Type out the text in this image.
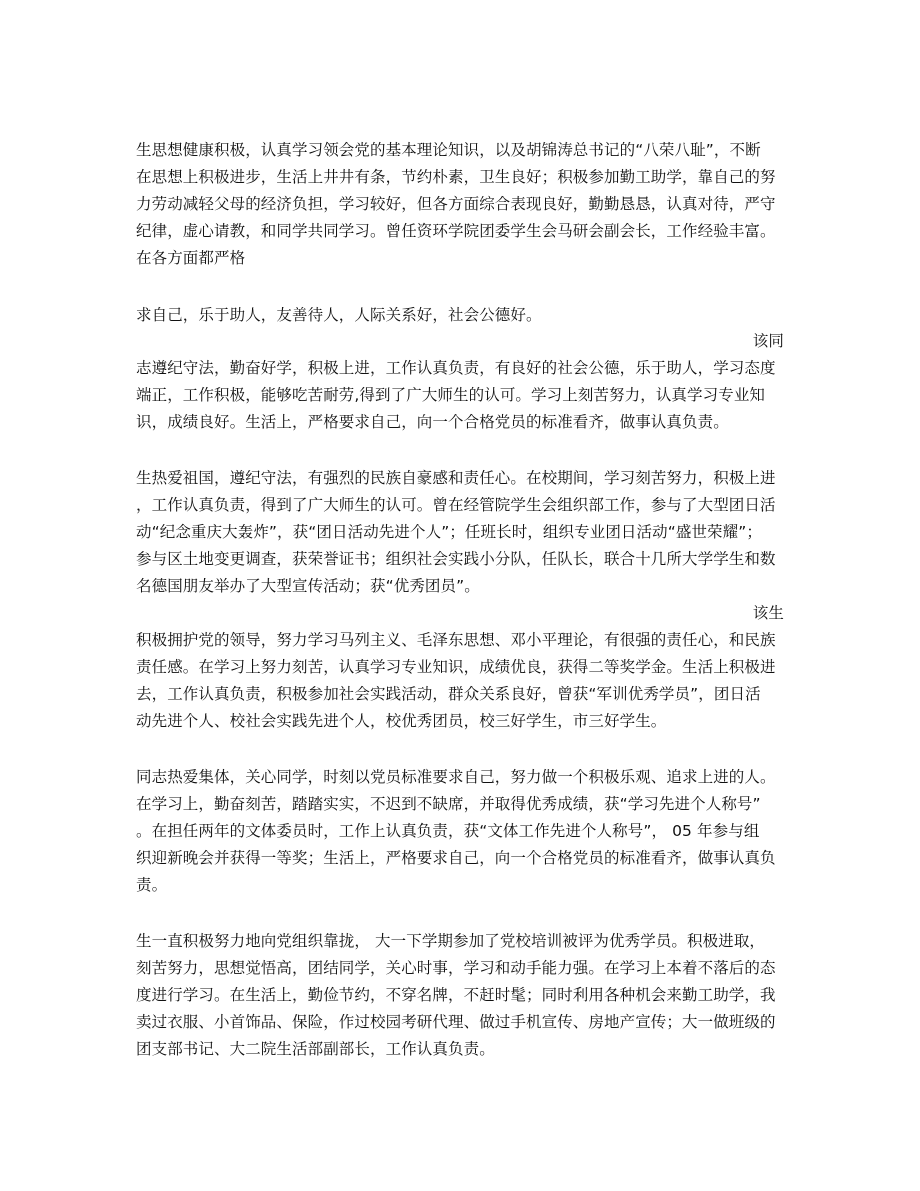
生思想健康积极，认真学习领会党的基本理论知识，以及胡锦涛总书记的“八荣八耻”，不断
在思想上积极进步，生活上井井有条，节约朴素，卫生良好；积极参加勤工助学，靠自己的努
力劳动减轻父母的经济负担，学习较好，但各方面综合表现良好，勤勤恳恳，认真对待，严守
纪律，虚心请教，和同学共同学习。曾任资环学院团委学生会马研会副会长，工作经验丰富。
在各方面都严格
求自己，乐于助人，友善待人，人际关系好，社会公德好。
该同
志遵纪守法，勤奋好学，积极上进，工作认真负责，有良好的社会公德，乐于助人，学习态度
端正，工作积极，能够吃苦耐劳,得到了广大师生的认可。学习上刻苦努力，认真学习专业知
识，成绩良好。生活上，严格要求自己，向一个合格党员的标准看齐，做事认真负责。
生热爱祖国，遵纪守法，有强烈的民族自豪感和责任心。在校期间，学习刻苦努力，积极上进
，工作认真负责，得到了广大师生的认可。曾在经管院学生会组织部工作，参与了大型团日活
动“纪念重庆大轰炸”，获“团日活动先进个人”；任班长时，组织专业团日活动“盛世荣耀”；
参与区土地变更调查，获荣誉证书；组织社会实践小分队，任队长，联合十几所大学学生和数
名德国朋友举办了大型宣传活动；获“优秀团员”。
该生
积极拥护党的领导，努力学习马列主义、毛泽东思想、邓小平理论，有很强的责任心，和民族
责任感。在学习上努力刻苦，认真学习专业知识，成绩优良，获得二等奖学金。生活上积极进
去，工作认真负责，积极参加社会实践活动，群众关系良好，曾获“军训优秀学员”，团日活
动先进个人、校社会实践先进个人，校优秀团员，校三好学生，市三好学生。
同志热爱集体，关心同学，时刻以党员标准要求自己，努力做一个积极乐观、追求上进的人。
在学习上，勤奋刻苦，踏踏实实，不迟到不缺席，并取得优秀成绩，获“学习先进个人称号”
。在担任两年的文体委员时，工作上认真负责，获“文体工作先进个人称号”， 05 年参与组
织迎新晚会并获得一等奖；生活上，严格要求自己，向一个合格党员的标准看齐，做事认真负
责。
生一直积极努力地向党组织靠拢， 大一下学期参加了党校培训被评为优秀学员。积极进取，
刻苦努力，思想觉悟高，团结同学，关心时事，学习和动手能力强。在学习上本着不落后的态
度进行学习。在生活上，勤俭节约，不穿名牌，不赶时髦；同时利用各种机会来勤工助学，我
卖过衣服、小首饰品、保险，作过校园考研代理、做过手机宣传、房地产宣传；大一做班级的
团支部书记、大二院生活部副部长，工作认真负责。
